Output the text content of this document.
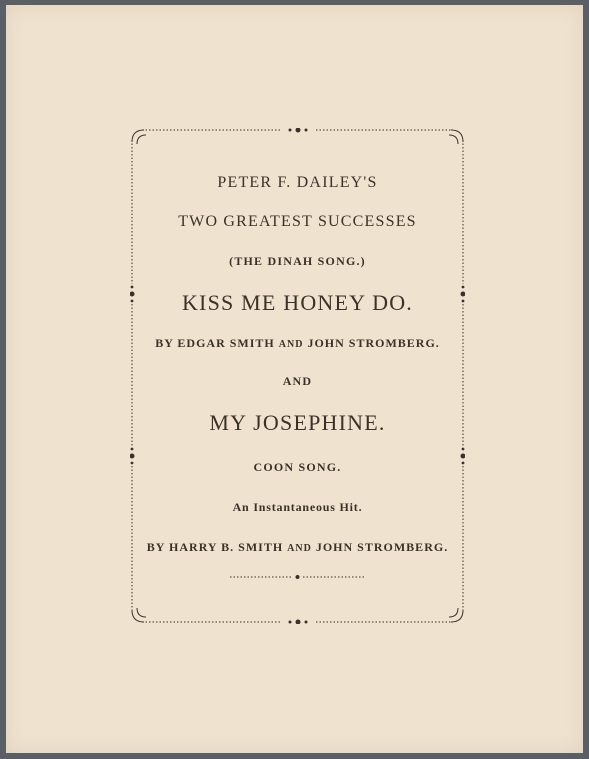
PETER F. DAILEY'S
TWO GREATEST SUCCESSES
(THE DINAH SONG.)
KISS ME HONEY DO.
BY EDGAR SMITH AND JOHN STROMBERG.
AND
MY JOSEPHINE.
COON SONG.
An Instantaneous Hit.
BY HARRY B. SMITH AND JOHN STROMBERG.
